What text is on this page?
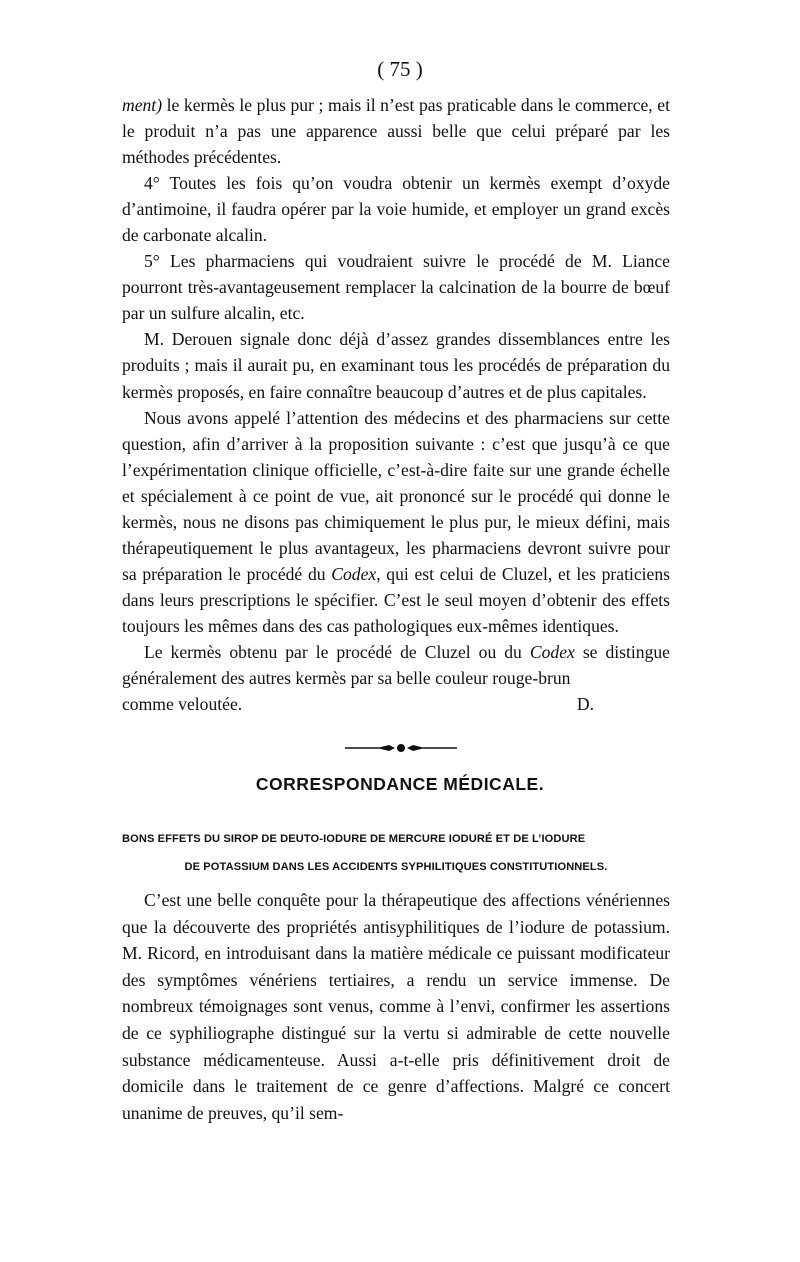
( 75 )

ment) le kermès le plus pur ; mais il n’est pas praticable dans le commerce, et le produit n’a pas une apparence aussi belle que celui préparé par les méthodes précédentes.

4° Toutes les fois qu’on voudra obtenir un kermès exempt d’oxyde d’antimoine, il faudra opérer par la voie humide, et employer un grand excès de carbonate alcalin.

5° Les pharmaciens qui voudraient suivre le procédé de M. Liance pourront très-avantageusement remplacer la calcination de la bourre de bœuf par un sulfure alcalin, etc.

M. Derouen signale donc déjà d’assez grandes dissemblances entre les produits ; mais il aurait pu, en examinant tous les procédés de préparation du kermès proposés, en faire connaître beaucoup d’autres et de plus capitales.

Nous avons appelé l’attention des médecins et des pharmaciens sur cette question, afin d’arriver à la proposition suivante : c’est que jusqu’à ce que l’expérimentation clinique officielle, c’est-à-dire faite sur une grande échelle et spécialement à ce point de vue, ait prononcé sur le procédé qui donne le kermès, nous ne disons pas chimiquement le plus pur, le mieux défini, mais thérapeutiquement le plus avantageux, les pharmaciens devront suivre pour sa préparation le procédé du Codex, qui est celui de Cluzel, et les praticiens dans leurs prescriptions le spécifier. C’est le seul moyen d’obtenir des effets toujours les mêmes dans des cas pathologiques eux-mêmes identiques.

Le kermès obtenu par le procédé de Cluzel ou du Codex se distingue généralement des autres kermès par sa belle couleur rouge-brun

comme veloutée.	D.
CORRESPONDANCE MÉDICALE.
BONS EFFETS DU SIROP DE DEUTO-IODURE DE MERCURE IODURÉ ET DE L’IODURE
DE POTASSIUM DANS LES ACCIDENTS SYPHILITIQUES CONSTITUTIONNELS.

C’est une belle conquête pour la thérapeutique des affections vénériennes que la découverte des propriétés antisyphilitiques de l’iodure de potassium. M. Ricord, en introduisant dans la matière médicale ce puissant modificateur des symptômes vénériens tertiaires, a rendu un service immense. De nombreux témoignages sont venus, comme à l’envi, confirmer les assertions de ce syphiliographe distingué sur la vertu si admirable de cette nouvelle substance médicamenteuse. Aussi a-t-elle pris définitivement droit de domicile dans le traitement de ce genre d’affections. Malgré ce concert unanime de preuves, qu’il sem-
